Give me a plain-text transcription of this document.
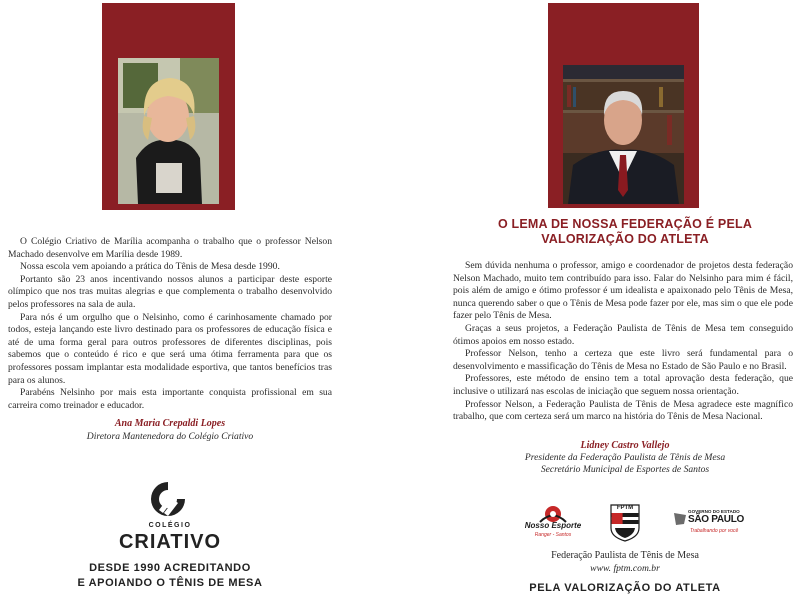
O Colégio Criativo de Marília acompanha o trabalho que o professor Nelson Machado desenvolve em Marília desde 1989.

Nossa escola vem apoiando a prática do Tênis de Mesa desde 1990.

Portanto são 23 anos incentivando nossos alunos a participar deste esporte olímpico que nos tras muitas alegrias e que complementa o trabalho desenvolvido pelos professores na sala de aula.

Para nós é um orgulho que o Nelsinho, como é carinhosamente chamado por todos, esteja lançando este livro destinado para os professores de educação física e até de uma forma geral para outros professores de diferentes disciplinas, pois sabemos que o conteúdo é rico e que será uma ótima ferramenta para que os professores possam implantar esta modalidade esportiva, que tantos benefícios tras para os alunos.

Parabéns Nelsinho por mais esta importante conquista profissional em sua carreira como treinador e educador.

Ana Maria Crepaldi Lopes
Diretora Mantenedora do Colégio Criativo
COLÉGIO
CRIATIVO
DESDE 1990 ACREDITANDO
E APOIANDO O TÊNIS DE MESA
O LEMA DE NOSSA FEDERAÇÃO É PELA
VALORIZAÇÃO DO ATLETA

Sem dúvida nenhuma o professor, amigo e coordenador de projetos desta federação Nelson Machado, muito tem contribuído para isso. Falar do Nelsinho para mim é fácil, pois além de amigo e ótimo professor é um idealista e apaixonado pelo Tênis de Mesa, nunca querendo saber o que o Tênis de Mesa pode fazer por ele, mas sim o que ele pode fazer pelo Tênis de Mesa.

Graças a seus projetos, a Federação Paulista de Tênis de Mesa tem conseguido ótimos apoios em nosso estado.

Professor Nelson, tenho a certeza que este livro será fundamental para o desenvolvimento e massificação do Tênis de Mesa no Estado de São Paulo e no Brasil.

Professores, este método de ensino tem a total aprovação desta federação, que inclusive o utilizará nas escolas de iniciação que seguem nossa orientação.

Professor Nelson, a Federação Paulista de Tênis de Mesa agradece este magnífico trabalho, que com certeza será um marco na história do Tênis de Mesa Nacional.

Lidney Castro Vallejo
Presidente da Federação Paulista de Tênis de Mesa
Secretário Municipal de Esportes de Santos
Nosso Esporte
Ranger - Santos
FPTM
GOVERNO DO ESTADO
SÃO PAULO
Trabalhando por você
Federação Paulista de Tênis de Mesa
www. fptm.com.br
PELA VALORIZAÇÃO DO ATLETA
